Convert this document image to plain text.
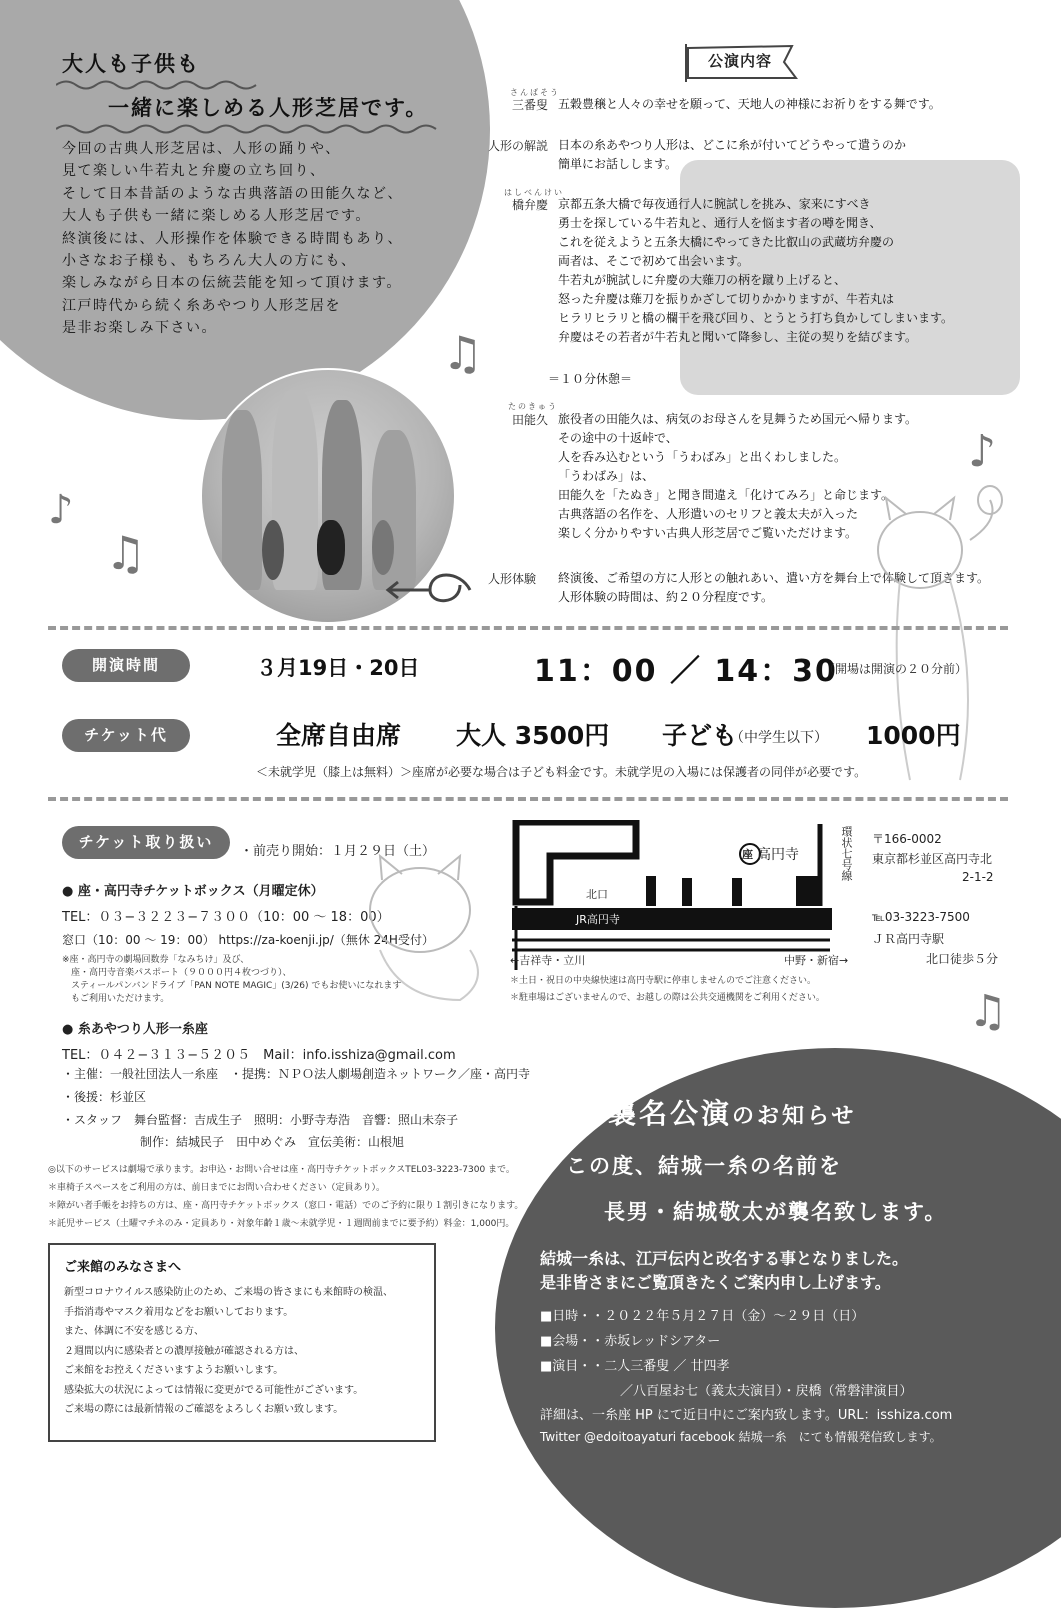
大人も子供も
一緒に楽しめる人形芝居です。
今回の古典人形芝居は、人形の踊りや、
見て楽しい牛若丸と弁慶の立ち回り、
そして日本昔話のような古典落語の田能久など、
大人も子供も一緒に楽しめる人形芝居です。
終演後には、人形操作を体験できる時間もあり、
小さなお子様も、もちろん大人の方にも、
楽しみながら日本の伝統芸能を知って頂けます。
江戸時代から続く糸あやつり人形芝居を
是非お楽しみ下さい。	♫
♪
♫
♪
♫
公演内容
さんばそう
三番叟 五穀豊穣と人々の幸せを願って、天地人の神様にお祈りをする舞です。
人形の解説 日本の糸あやつり人形は、どこに糸が付いてどうやって遣うのか
簡単にお話しします。
はしべんけい
橋弁慶 京都五条大橋で毎夜通行人に腕試しを挑み、家来にすべき
勇士を探している牛若丸と、通行人を悩ます者の噂を聞き、
これを従えようと五条大橋にやってきた比叡山の武蔵坊弁慶の
両者は、そこで初めて出会います。
牛若丸が腕試しに弁慶の大薙刀の柄を蹴り上げると、
怒った弁慶は薙刀を振りかざして切りかかりますが、牛若丸は
ヒラリヒラリと橋の欄干を飛び回り、とうとう打ち負かしてしまいます。
弁慶はその若者が牛若丸と聞いて降参し、主従の契りを結びます。
＝１０分休憩＝
たのきゅう
田能久 旅役者の田能久は、病気のお母さんを見舞うため国元へ帰ります。
その途中の十返峠で、
人を呑み込むという「うわばみ」と出くわしました。
「うわばみ」は、
田能久を「たぬき」と聞き間違え「化けてみろ」と命じます。
古典落語の名作を、人形遣いのセリフと義太夫が入った
楽しく分かりやすい古典人形芝居でご覧いただけます。
人形体験 終演後、ご希望の方に人形との触れあい、遣い方を舞台上で体験して頂きます。
人形体験の時間は、約２０分程度です。
開演時間	３月19日・20日	11：00 ／ 14：30
（開場は開演の２０分前）
チケット代	全席自由席 大人 3500円 子ども
（中学生以下） 1000円
＜未就学児（膝上は無料）＞座席が必要な場合は子ども料金です。未就学児の入場には保護者の同伴が必要です。
チケット取り扱い
・前売り開始：１月２９日（土）
● 座・高円寺チケットボックス（月曜定休）
TEL：０３−３２２３−７３００（10：00 〜 18：00）
窓口（10：00 〜 19：00） https://za-koenji.jp/（無休 24H受付）
※座・高円寺の劇場回数券「なみちけ」及び、
　座・高円寺音楽パスポート（９０００円４枚つづり）、
　スティールパンバンドライブ「PAN NOTE MAGIC」(3/26) でもお使いになれます
　もご利用いただけます。
● 糸あやつり人形一糸座
TEL：０４２−３１３−５２０５　Mail：info.isshiza@gmail.com
・主催：一般社団法人一糸座　・提携：ＮＰＯ法人劇場創造ネットワーク／座・高円寺
・後援：杉並区
・スタッフ　舞台監督：吉成生子　照明：小野寺寿浩　音響：照山未奈子
制作：結城民子　田中めぐみ　宣伝美術：山根旭
◎以下のサービスは劇場で承ります。お申込・お問い合せは座・高円寺チケットボックスTEL03-3223-7300 まで。
＊車椅子スペースをご利用の方は、前日までにお問い合わせください（定員あり）。
＊障がい者手帳をお持ちの方は、座・高円寺チケットボックス（窓口・電話）でのご予約に限り１割引きになります。
＊託児サービス（土曜マチネのみ・定員あり・対象年齢１歳〜未就学児・１週間前までに要予約）料金：1,000円。
座 高円寺	環状七号線
北口
JR高円寺
←吉祥寺・立川	中野・新宿→
＊土日・祝日の中央線快速は高円寺駅に停車しませんのでご注意ください。
＊駐車場はございませんので、お越しの際は公共交通機関をご利用ください。
〒166-0002
東京都杉並区高円寺北
2-1-2
℡03-3223-7500
ＪＲ高円寺駅
北口徒歩５分
ご来館のみなさまへ
新型コロナウイルス感染防止のため、ご来場の皆さまにも来館時の検温、
手指消毒やマスク着用などをお願いしております。
また、体調に不安を感じる方、
２週間以内に感染者との濃厚接触が確認される方は、
ご来館をお控えくださいますようお願いします。
感染拡大の状況によっては情報に変更がでる可能性がございます。
ご来場の際には最新情報のご確認をよろしくお願い致します。
襲名公演のお知らせ
この度、結城一糸の名前を
長男・結城敬太が襲名致します。
結城一糸は、江戸伝内と改名する事となりました。
是非皆さまにご覧頂きたくご案内申し上げます。
■日時・・２０２２年５月２７日（金）〜２９日（日）
■会場・・赤坂レッドシアター
■演目・・二人三番叟 ／ 廿四孝
／八百屋お七（義太夫演目）・戻橋（常磐津演目）
詳細は、一糸座 HP にて近日中にご案内致します。URL：isshiza.com
Twitter @edoitoayaturi facebook 結城一糸　にても情報発信致します。
